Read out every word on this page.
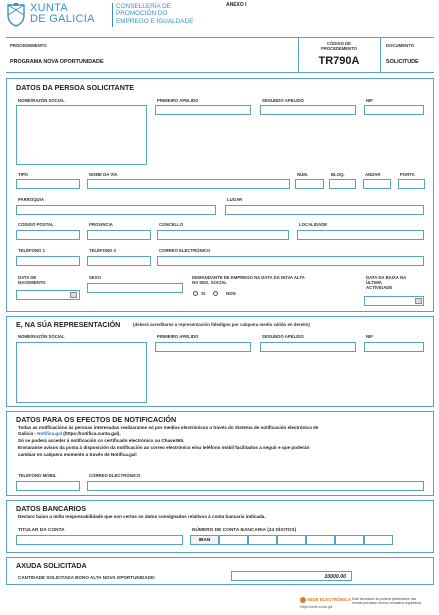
XUNTA
DE GALICIA
CONSELLERÍA DE
PROMOCIÓN DO
EMPREGO E IGUALDADE
ANEXO I
PROCEDEMENTO
PROGRAMA NOVA OPORTUNIDADE
CÓDIGO DE
PROCEDEMENTO
TR790A
DOCUMENTO
SOLICITUDE
DATOS DA PERSOA SOLICITANTE
NOME/RAZÓN SOCIAL	PRIMEIRO APELIDO	SEGUNDO APELIDO	NIF
TIPO	NOME DA VÍA	NÚM.	BLOQ.	ANDAR	PORTA
PARROQUIA	LUGAR
CÓDIGO POSTAL	PROVINCIA	CONCELLO	LOCALIDADE
TELÉFONO 1	TELÉFONO 2	CORREO ELECTRÓNICO
DATA DE
NACEMENTO
SEXO	DEMANDANTE DE EMPREGO NA DATA DA NOVA ALTA
NA SEG. SOCIAL
SI	NON
DATA DA BAIXA NA
ÚLTIMA
ACTIVIDADE
E, NA SÚA REPRESENTACIÓN	(deberá acreditarse a representación fidedigna por calquera medio válido en dereito)
NOME/RAZÓN SOCIAL	PRIMEIRO APELIDO	SEGUNDO APELIDO	NIF
DATOS PARA OS EFECTOS DE NOTIFICACIÓN
Todas as notificacións ás persoas interesadas realizaranse só por medios electrónicos a través do Sistema de notificación electrónica de
Galicia - Notifica.gal (https://notifica.xunta.gal).
Só se poderá acceder á notificación co certificado electrónico ou Chave365.
Enviaranse avisos da posta á disposición da notificación ao correo electrónico e/ou teléfono móbil facilitados a seguir e que poderán
cambiar en calquera momento a través de Notifica.gal:
TELÉFONO MÓBIL	CORREO ELECTRÓNICO
DATOS BANCARIOS
Declaro baixo a miña responsabilidade que son certos os datos consignados relativos á conta bancaria indicada.
TITULAR DA CONTA	NÚMERO DE CONTA BANCARIA (24 DÍXITOS)
IBAN
AXUDA SOLICITADA
CANTIDADE SOLICITADA BONO ALTA NOVA OPORTUNIDADE:	10000.00
SEDE ELECTRÓNICA
https://sede.xunta.gal
Este formulario só poderá presentarse nas
formas previstas na súa normativa reguladora
